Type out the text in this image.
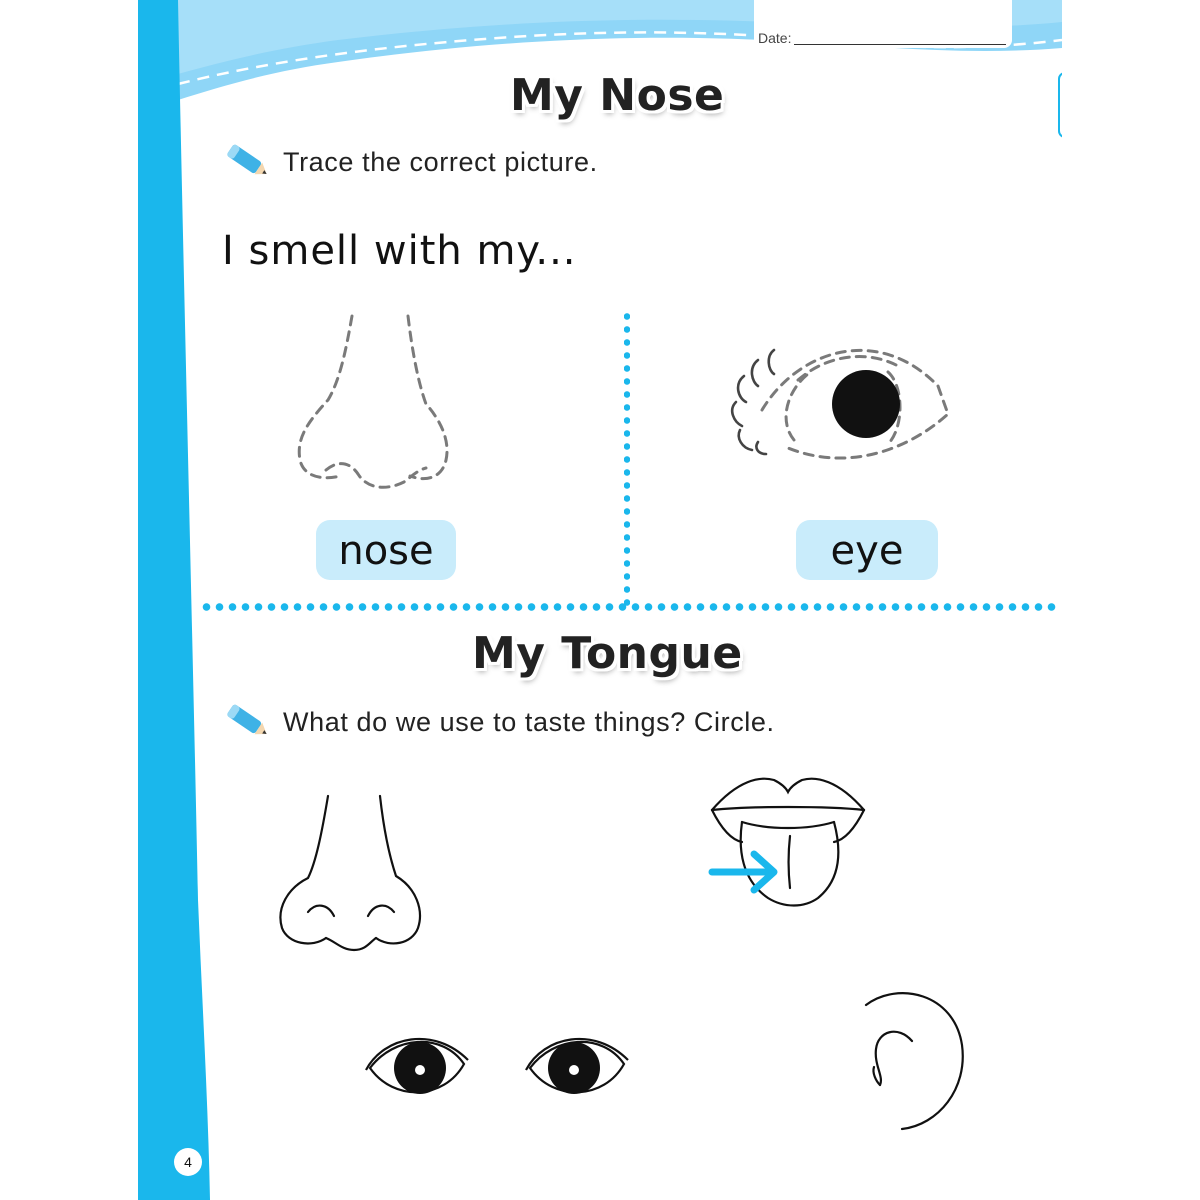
Date:
My Nose
Trace the correct picture.
I smell with my...
nose	eye
My Tongue
What do we use to taste things? Circle.
4
